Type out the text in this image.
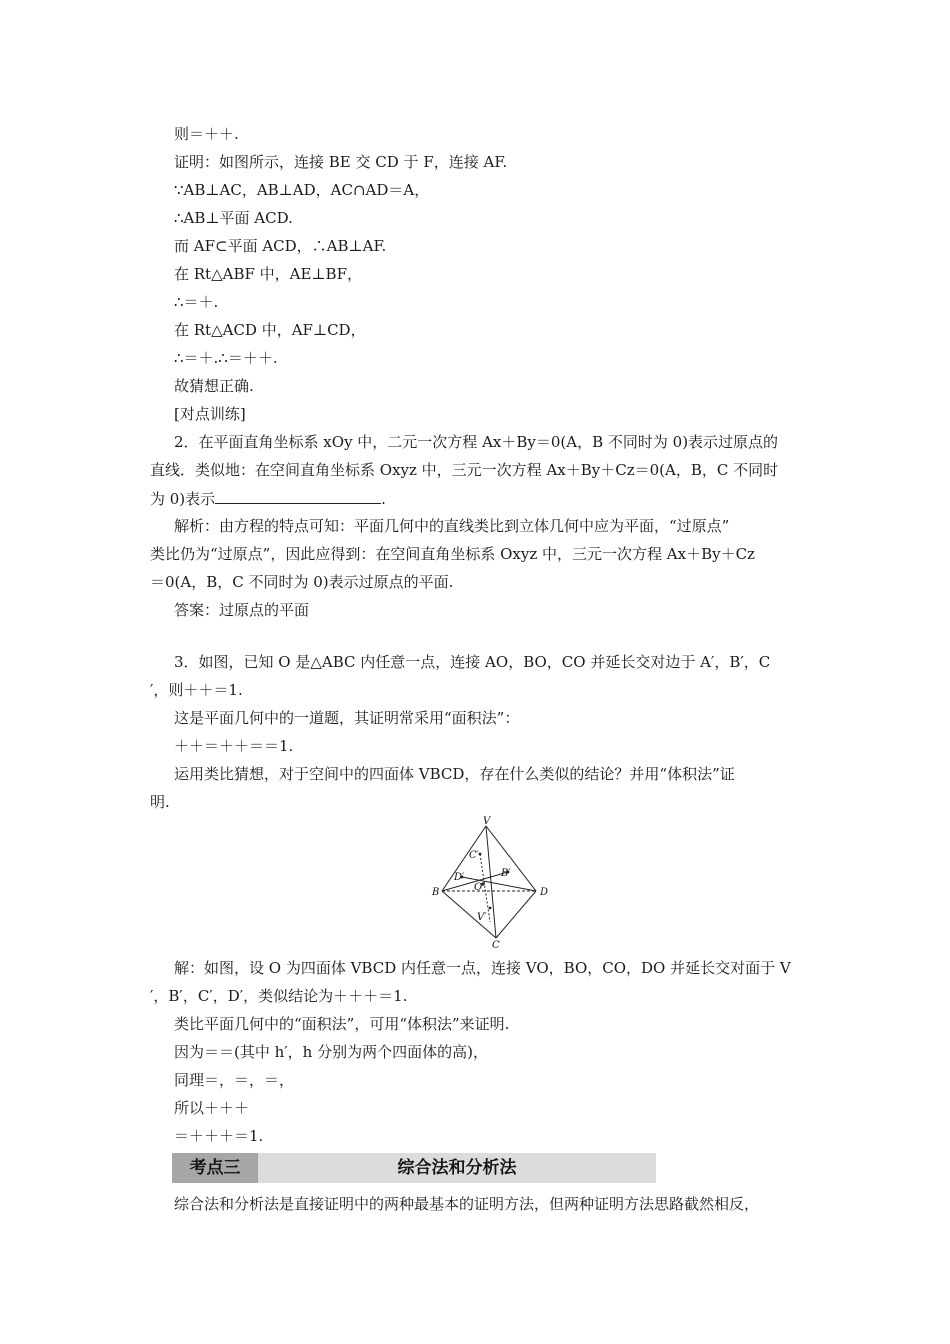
则＝＋＋.
证明：如图所示，连接 BE 交 CD 于 F，连接 AF.
∵AB⊥AC，AB⊥AD，AC∩AD＝A，
∴AB⊥平面 ACD.
而 AF⊂平面 ACD，∴AB⊥AF.
在 Rt△ABF 中，AE⊥BF，
∴＝＋.
在 Rt△ACD 中，AF⊥CD，
∴＝＋.∴＝＋＋.
故猜想正确.
[对点训练]
2．在平面直角坐标系 xOy 中，二元一次方程 Ax＋By＝0(A，B 不同时为 0)表示过原点的
直线．类似地：在空间直角坐标系 Oxyz 中，三元一次方程 Ax＋By＋Cz＝0(A，B，C 不同时
为 0)表示	.
解析：由方程的特点可知：平面几何中的直线类比到立体几何中应为平面，“过原点”
类比仍为“过原点”，因此应得到：在空间直角坐标系 Oxyz 中，三元一次方程 Ax＋By＋Cz
＝0(A，B，C 不同时为 0)表示过原点的平面.
答案：过原点的平面
3．如图，已知 O 是△ABC 内任意一点，连接 AO，BO，CO 并延长交对边于 A′，B′，C
′，则＋＋＝1.
这是平面几何中的一道题，其证明常采用“面积法”：
＋＋＝＋＋＝＝1.
运用类比猜想，对于空间中的四面体 VBCD，存在什么类似的结论？并用“体积法”证
明.
V
B	D
C
O
C′
B′
D′
V′
解：如图，设 O 为四面体 VBCD 内任意一点，连接 VO，BO，CO，DO 并延长交对面于 V
′，B′，C′，D′，类似结论为＋＋＋＝1.
类比平面几何中的“面积法”，可用“体积法”来证明.
因为＝＝(其中 h′，h 分别为两个四面体的高)，
同理＝，＝，＝，
所以＋＋＋
＝＋＋＋＝1.
考点三	综合法和分析法
综合法和分析法是直接证明中的两种最基本的证明方法，但两种证明方法思路截然相反，
